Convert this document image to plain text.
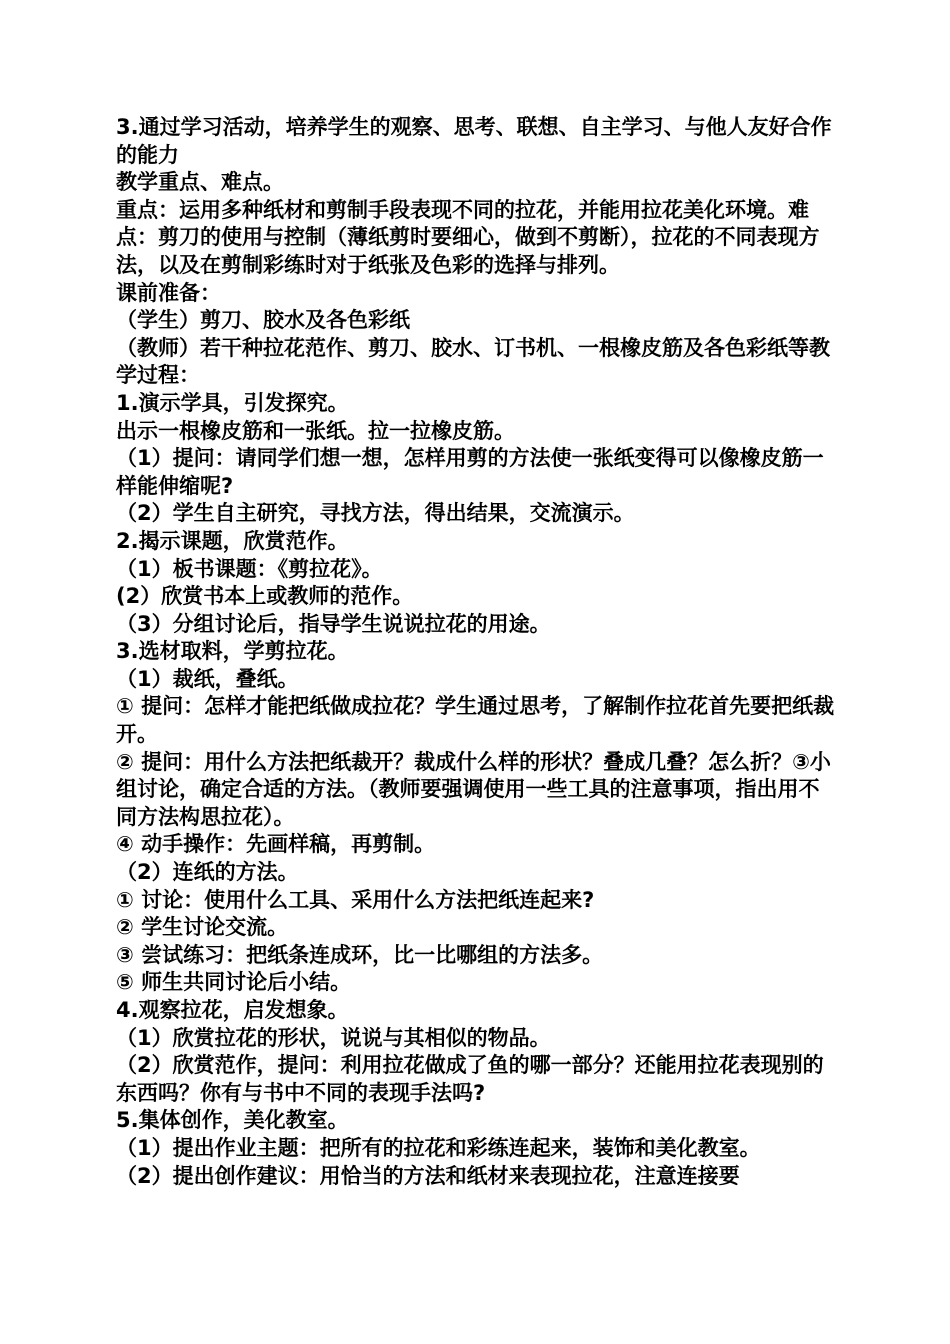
3.通过学习活动，培养学生的观察、思考、联想、自主学习、与他人友好合作的能力

教学重点、难点。

重点：运用多种纸材和剪制手段表现不同的拉花，并能用拉花美化环境。难点：剪刀的使用与控制（薄纸剪时要细心，做到不剪断），拉花的不同表现方法，以及在剪制彩练时对于纸张及色彩的选择与排列。

课前准备：

（学生）剪刀、胶水及各色彩纸

（教师）若干种拉花范作、剪刀、胶水、订书机、一根橡皮筋及各色彩纸等教学过程：

1.演示学具，引发探究。

出示一根橡皮筋和一张纸。拉一拉橡皮筋。

（1）提问：请同学们想一想，怎样用剪的方法使一张纸变得可以像橡皮筋一样能伸缩呢?

（2）学生自主研究，寻找方法，得出结果，交流演示。

2.揭示课题，欣赏范作。

（1）板书课题：《剪拉花》。

(2）欣赏书本上或教师的范作。

（3）分组讨论后，指导学生说说拉花的用途。

3.选材取料，学剪拉花。

（1）裁纸，叠纸。

① 提问：怎样才能把纸做成拉花？学生通过思考，了解制作拉花首先要把纸裁开。

② 提问：用什么方法把纸裁开？裁成什么样的形状？叠成几叠？怎么折？③小组讨论，确定合适的方法。（教师要强调使用一些工具的注意事项，指出用不同方法构思拉花）。

④ 动手操作：先画样稿，再剪制。

（2）连纸的方法。

① 讨论：使用什么工具、采用什么方法把纸连起来?

② 学生讨论交流。

③ 尝试练习：把纸条连成环，比一比哪组的方法多。

⑤ 师生共同讨论后小结。

4.观察拉花，启发想象。

（1）欣赏拉花的形状，说说与其相似的物品。

（2）欣赏范作，提问：利用拉花做成了鱼的哪一部分？还能用拉花表现别的东西吗？你有与书中不同的表现手法吗?

5.集体创作，美化教室。

（1）提出作业主题：把所有的拉花和彩练连起来，装饰和美化教室。

（2）提出创作建议：用恰当的方法和纸材来表现拉花，注意连接要
